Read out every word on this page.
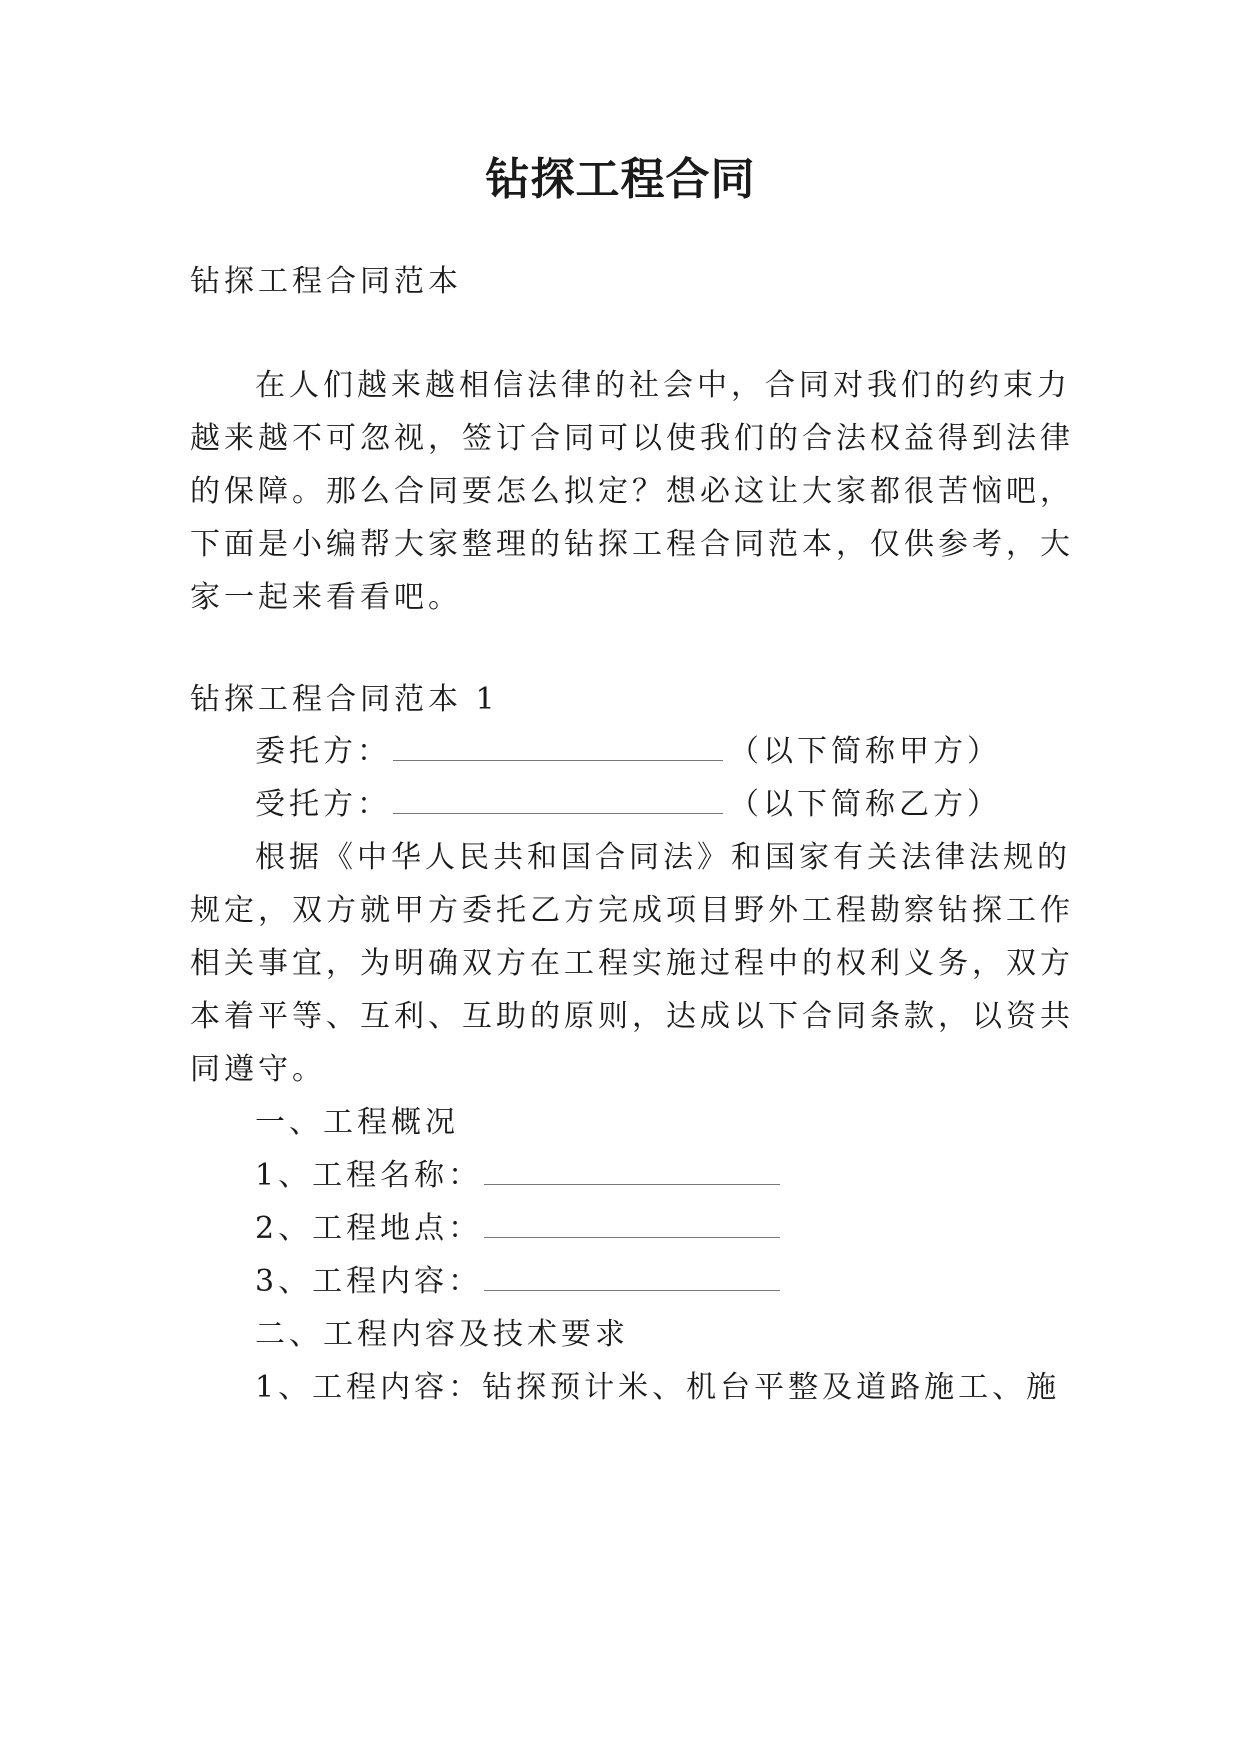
钻探工程合同
钻探工程合同范本
在人们越来越相信法律的社会中，合同对我们的约束力
越来越不可忽视，签订合同可以使我们的合法权益得到法律
的保障。那么合同要怎么拟定？想必这让大家都很苦恼吧，
下面是小编帮大家整理的钻探工程合同范本，仅供参考，大
家一起来看看吧。
钻探工程合同范本 1
委托方：	（以下简称甲方）
受托方：	（以下简称乙方）
根据《中华人民共和国合同法》和国家有关法律法规的
规定，双方就甲方委托乙方完成项目野外工程勘察钻探工作
相关事宜，为明确双方在工程实施过程中的权利义务，双方
本着平等、互利、互助的原则，达成以下合同条款，以资共
同遵守。
一、工程概况
1、工程名称：
2、工程地点：
3、工程内容：
二、工程内容及技术要求
1、工程内容：钻探预计米、机台平整及道路施工、施
